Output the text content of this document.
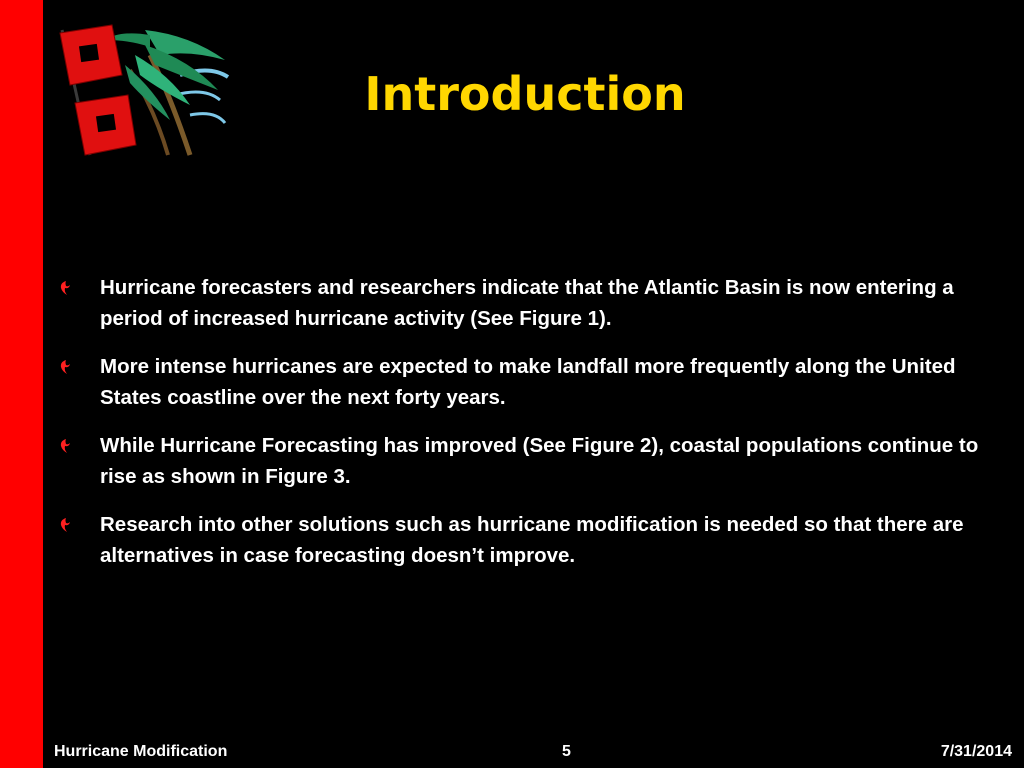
Introduction
Hurricane forecasters and researchers indicate that the Atlantic Basin is now entering a period of increased hurricane activity (See Figure 1).
More intense hurricanes are expected to make landfall more frequently along the United States coastline over the next forty years.
While Hurricane Forecasting has improved (See Figure 2), coastal populations continue to rise as shown in Figure 3.
Research into other solutions such as hurricane modification is needed so that there are alternatives in case forecasting doesn’t improve.
Hurricane Modification	5	7/31/2014
